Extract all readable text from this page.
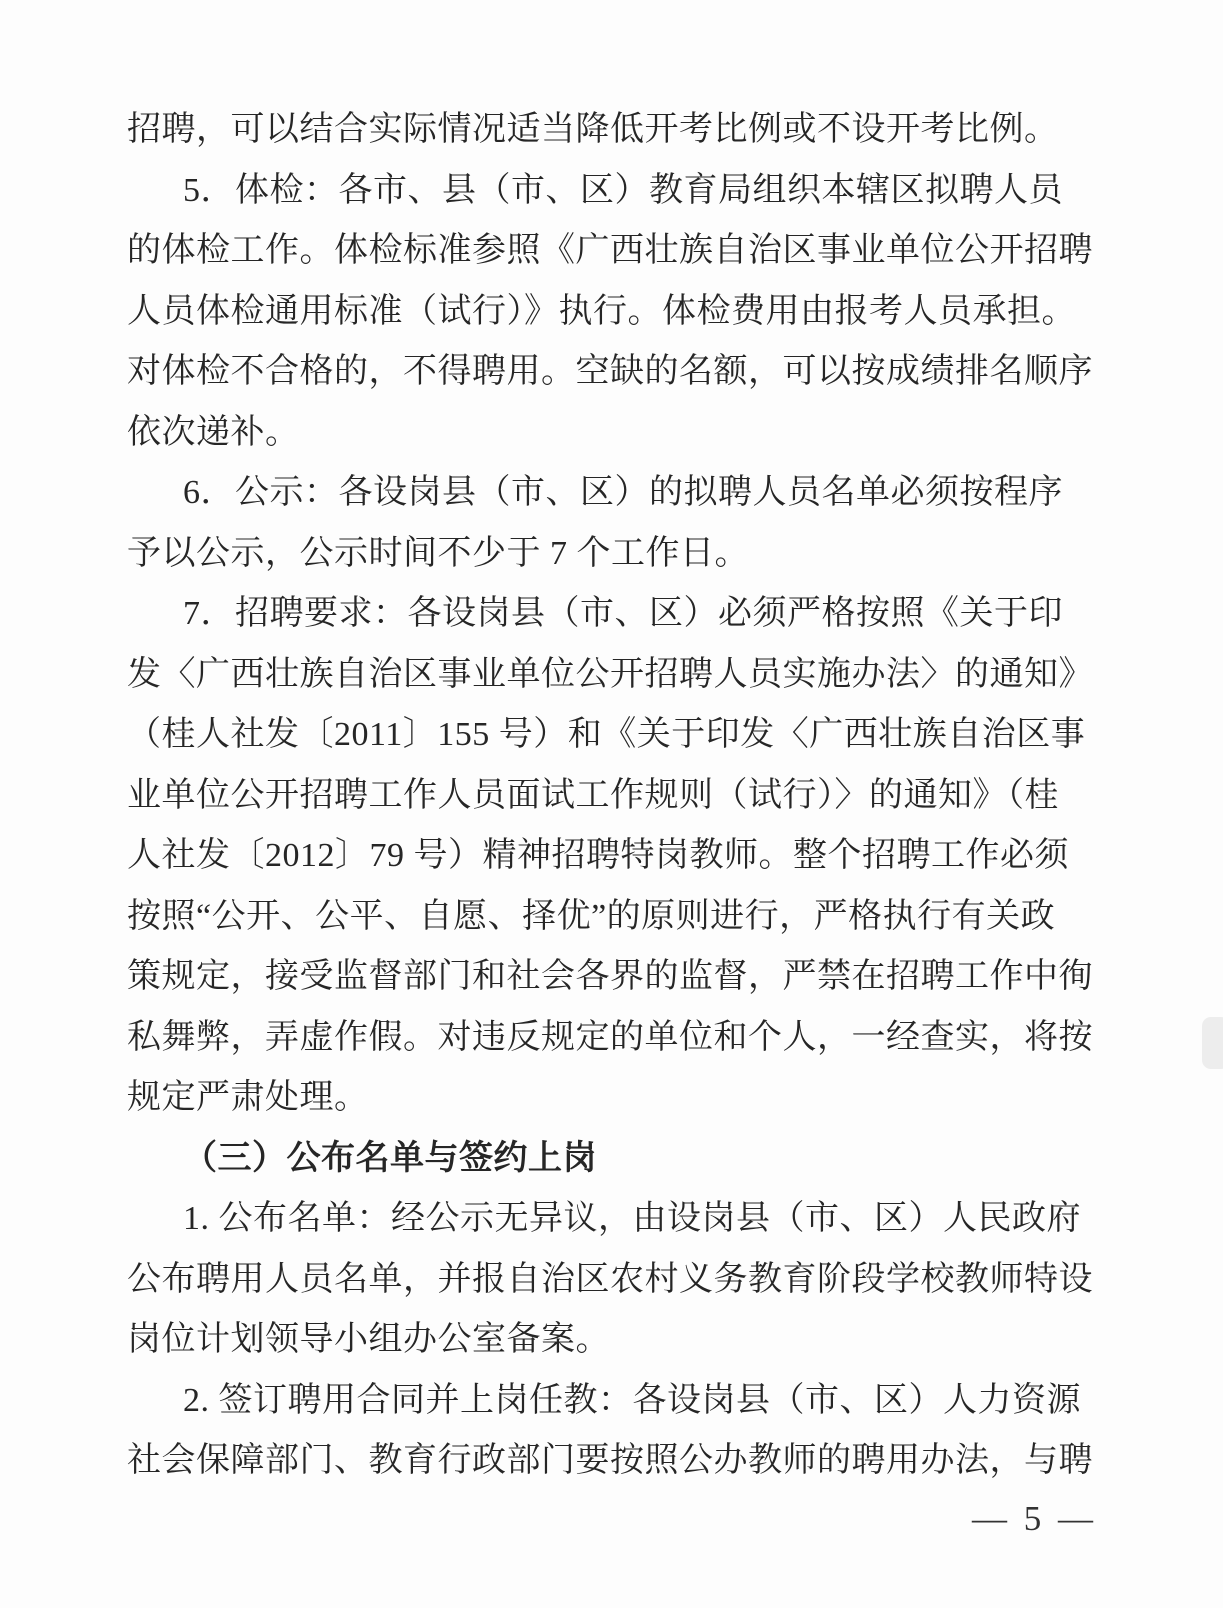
招聘，可以结合实际情况适当降低开考比例或不设开考比例。
5．体检：各市、县（市、区）教育局组织本辖区拟聘人员
的体检工作。体检标准参照《广西壮族自治区事业单位公开招聘
人员体检通用标准（试行）》执行。体检费用由报考人员承担。
对体检不合格的，不得聘用。空缺的名额，可以按成绩排名顺序
依次递补。
6．公示：各设岗县（市、区）的拟聘人员名单必须按程序
予以公示，公示时间不少于 7 个工作日。
7．招聘要求：各设岗县（市、区）必须严格按照《关于印
发〈广西壮族自治区事业单位公开招聘人员实施办法〉的通知》
（桂人社发〔2011〕155 号）和《关于印发〈广西壮族自治区事
业单位公开招聘工作人员面试工作规则（试行）〉的通知》（桂
人社发〔2012〕79 号）精神招聘特岗教师。整个招聘工作必须
按照“公开、公平、自愿、择优”的原则进行，严格执行有关政
策规定，接受监督部门和社会各界的监督，严禁在招聘工作中徇
私舞弊，弄虚作假。对违反规定的单位和个人，一经查实，将按
规定严肃处理。
（三）公布名单与签约上岗
1. 公布名单：经公示无异议，由设岗县（市、区）人民政府
公布聘用人员名单，并报自治区农村义务教育阶段学校教师特设
岗位计划领导小组办公室备案。
2. 签订聘用合同并上岗任教：各设岗县（市、区）人力资源
社会保障部门、教育行政部门要按照公办教师的聘用办法，与聘
— 5 —
